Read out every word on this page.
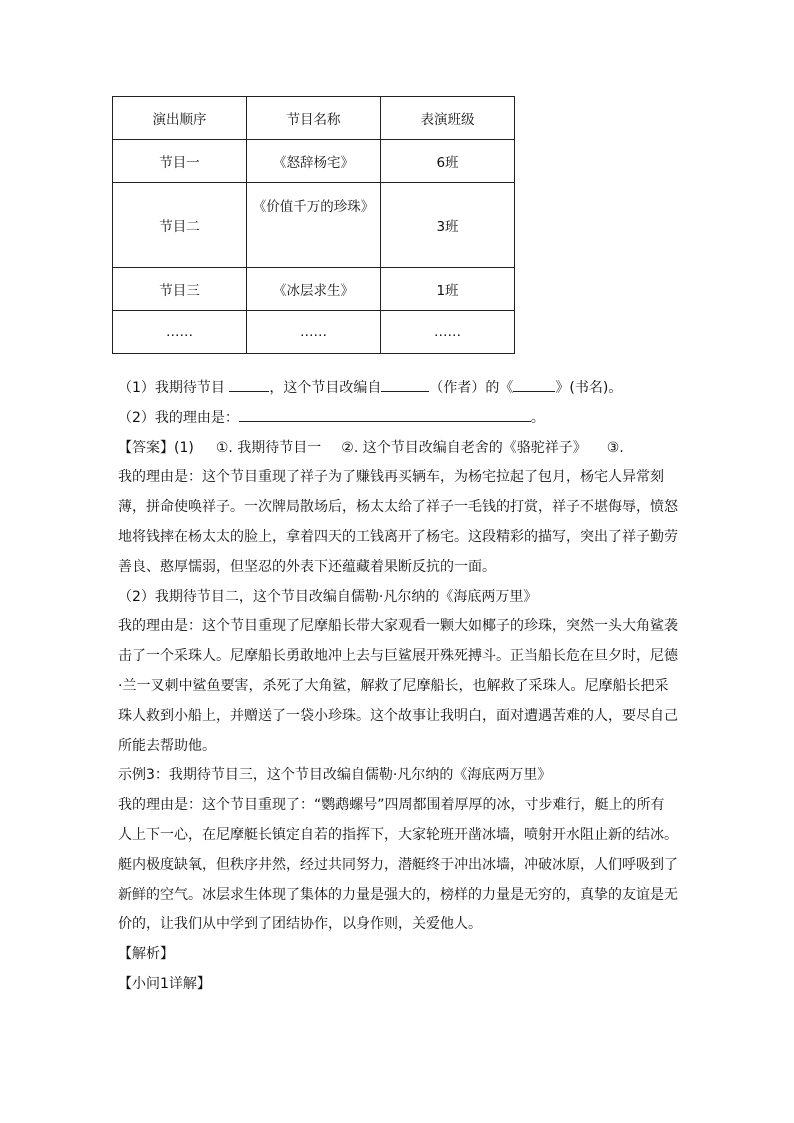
演出顺序	节目名称	表演班级
节目一	《怒辞杨宅》	6班
节目二	《价值千万的珍珠》	3班
节目三	《冰层求生》	1班
……	……	……

（1）我期待节目	，这个节目改编自	（作者）的《	》(书名)。

（2）我的理由是：	。

【答案】(1) ①. 我期待节目一 ②. 这个节目改编自老舍的《骆驼祥子》 ③.

我的理由是：这个节目重现了祥子为了赚钱再买辆车，为杨宅拉起了包月，杨宅人异常刻薄，拼命使唤祥子。一次牌局散场后，杨太太给了祥子一毛钱的打赏，祥子不堪侮辱，愤怒地将钱摔在杨太太的脸上，拿着四天的工钱离开了杨宅。这段精彩的描写，突出了祥子勤劳善良、憨厚懦弱，但坚忍的外表下还蕴藏着果断反抗的一面。

（2）我期待节目二，这个节目改编自儒勒·凡尔纳的《海底两万里》

我的理由是：这个节目重现了尼摩船长带大家观看一颗大如椰子的珍珠，突然一头大角鲨袭击了一个采珠人。尼摩船长勇敢地冲上去与巨鲨展开殊死搏斗。正当船长危在旦夕时，尼德·兰一叉刺中鲨鱼要害，杀死了大角鲨，解救了尼摩船长，也解救了采珠人。尼摩船长把采珠人救到小船上，并赠送了一袋小珍珠。这个故事让我明白，面对遭遇苦难的人，要尽自己所能去帮助他。

示例3：我期待节目三，这个节目改编自儒勒·凡尔纳的《海底两万里》

我的理由是：这个节目重现了：“鹦鹉螺号”四周都围着厚厚的冰，寸步难行，艇上的所有人上下一心，在尼摩艇长镇定自若的指挥下，大家轮班开凿冰墙，喷射开水阻止新的结冰。艇内极度缺氧，但秩序井然，经过共同努力，潜艇终于冲出冰墙，冲破冰原，人们呼吸到了新鲜的空气。冰层求生体现了集体的力量是强大的，榜样的力量是无穷的，真挚的友谊是无价的，让我们从中学到了团结协作，以身作则，关爱他人。

【解析】

【小问1详解】
